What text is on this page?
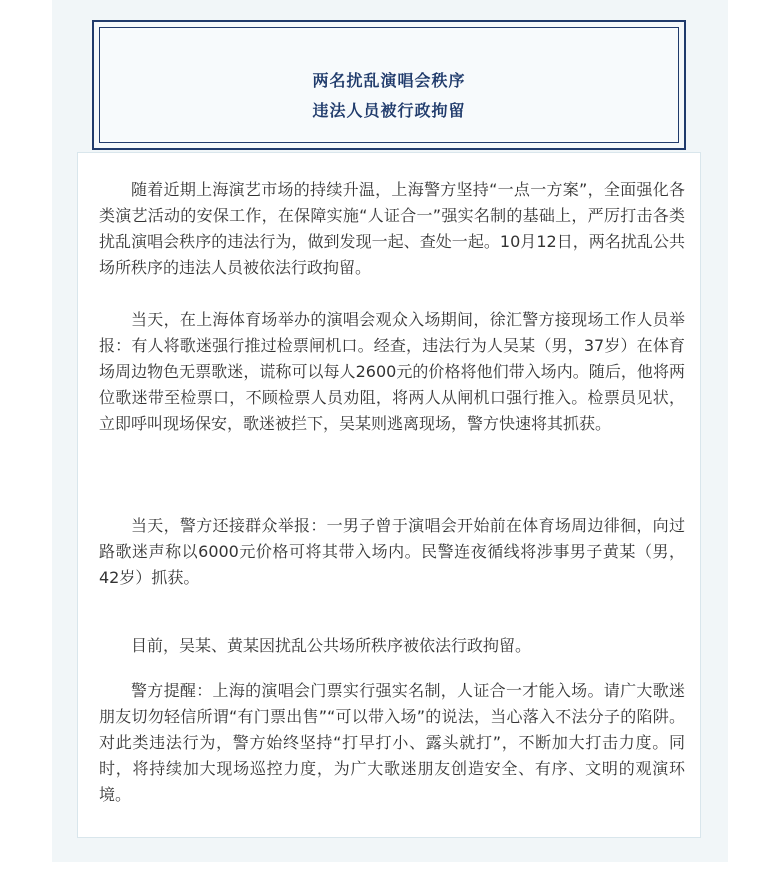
两名扰乱演唱会秩序
违法人员被行政拘留

随着近期上海演艺市场的持续升温，上海警方坚持“一点一方案”，全面强化各类演艺活动的安保工作，在保障实施“人证合一”强实名制的基础上，严厉打击各类扰乱演唱会秩序的违法行为，做到发现一起、查处一起。10月12日，两名扰乱公共场所秩序的违法人员被依法行政拘留。

当天，在上海体育场举办的演唱会观众入场期间，徐汇警方接现场工作人员举报：有人将歌迷强行推过检票闸机口。经查，违法行为人吴某（男，37岁）在体育场周边物色无票歌迷，谎称可以每人2600元的价格将他们带入场内。随后，他将两位歌迷带至检票口，不顾检票人员劝阻，将两人从闸机口强行推入。检票员见状，立即呼叫现场保安，歌迷被拦下，吴某则逃离现场，警方快速将其抓获。

当天，警方还接群众举报：一男子曾于演唱会开始前在体育场周边徘徊，向过路歌迷声称以6000元价格可将其带入场内。民警连夜循线将涉事男子黄某（男，42岁）抓获。

目前，吴某、黄某因扰乱公共场所秩序被依法行政拘留。

警方提醒：上海的演唱会门票实行强实名制，人证合一才能入场。请广大歌迷朋友切勿轻信所谓“有门票出售”“可以带入场”的说法，当心落入不法分子的陷阱。对此类违法行为，警方始终坚持“打早打小、露头就打”，不断加大打击力度。同时，将持续加大现场巡控力度，为广大歌迷朋友创造安全、有序、文明的观演环境。
